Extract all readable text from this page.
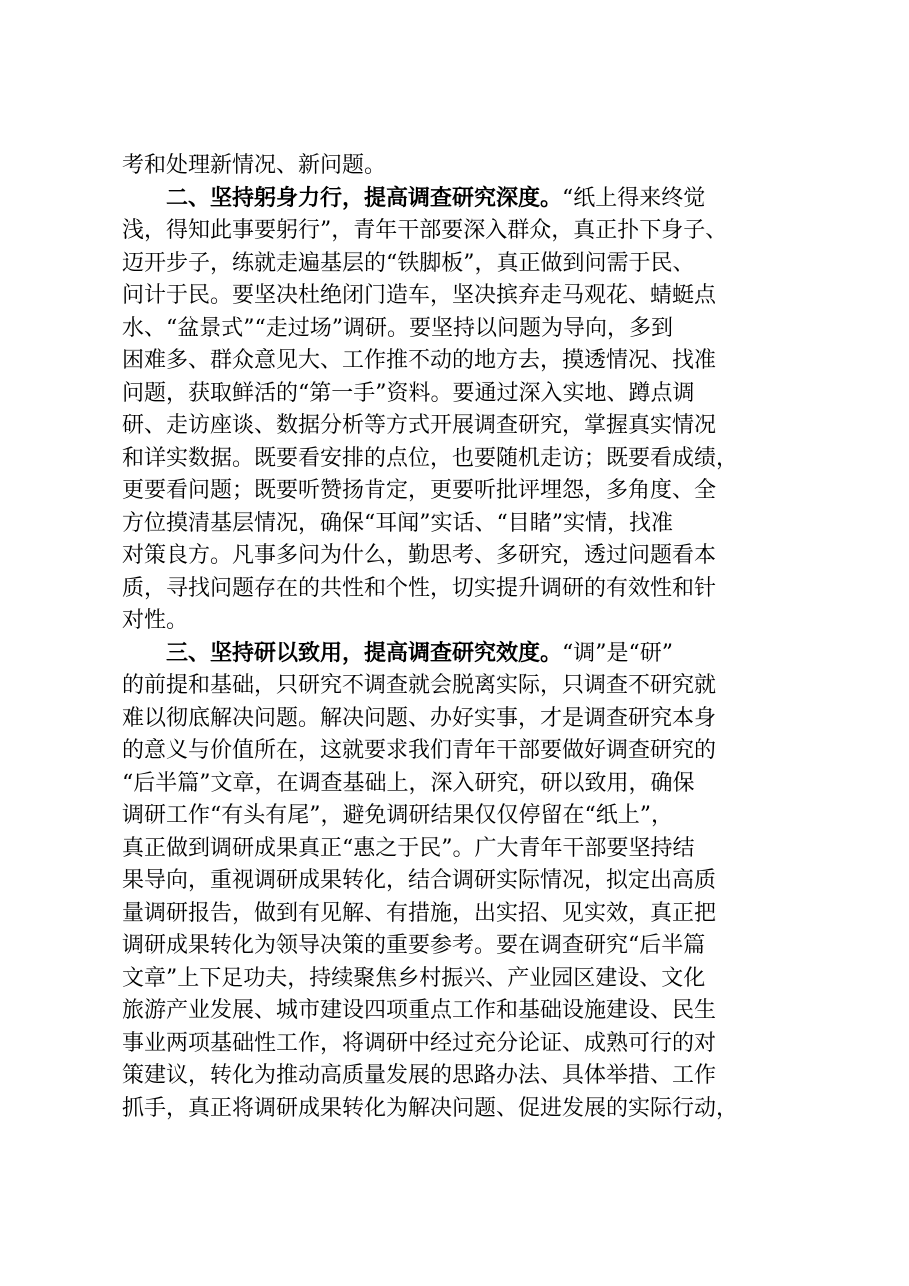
考和处理新情况、新问题。
二、坚持躬身力行，提高调查研究深度。“纸上得来终觉
浅，得知此事要躬行”，青年干部要深入群众，真正扑下身子、
迈开步子，练就走遍基层的“铁脚板”，真正做到问需于民、
问计于民。要坚决杜绝闭门造车，坚决摈弃走马观花、蜻蜓点
水、“盆景式”“走过场”调研。要坚持以问题为导向，多到
困难多、群众意见大、工作推不动的地方去，摸透情况、找准
问题，获取鲜活的“第一手”资料。要通过深入实地、蹲点调
研、走访座谈、数据分析等方式开展调查研究，掌握真实情况
和详实数据。既要看安排的点位，也要随机走访；既要看成绩，
更要看问题；既要听赞扬肯定，更要听批评埋怨，多角度、全
方位摸清基层情况，确保“耳闻”实话、“目睹”实情，找准
对策良方。凡事多问为什么，勤思考、多研究，透过问题看本
质，寻找问题存在的共性和个性，切实提升调研的有效性和针
对性。
三、坚持研以致用，提高调查研究效度。“调”是“研”
的前提和基础，只研究不调查就会脱离实际，只调查不研究就
难以彻底解决问题。解决问题、办好实事，才是调查研究本身
的意义与价值所在，这就要求我们青年干部要做好调查研究的
“后半篇”文章，在调查基础上，深入研究，研以致用，确保
调研工作“有头有尾”，避免调研结果仅仅停留在“纸上”，
真正做到调研成果真正“惠之于民”。广大青年干部要坚持结
果导向，重视调研成果转化，结合调研实际情况，拟定出高质
量调研报告，做到有见解、有措施，出实招、见实效，真正把
调研成果转化为领导决策的重要参考。要在调查研究“后半篇
文章”上下足功夫，持续聚焦乡村振兴、产业园区建设、文化
旅游产业发展、城市建设四项重点工作和基础设施建设、民生
事业两项基础性工作，将调研中经过充分论证、成熟可行的对
策建议，转化为推动高质量发展的思路办法、具体举措、工作
抓手，真正将调研成果转化为解决问题、促进发展的实际行动，
